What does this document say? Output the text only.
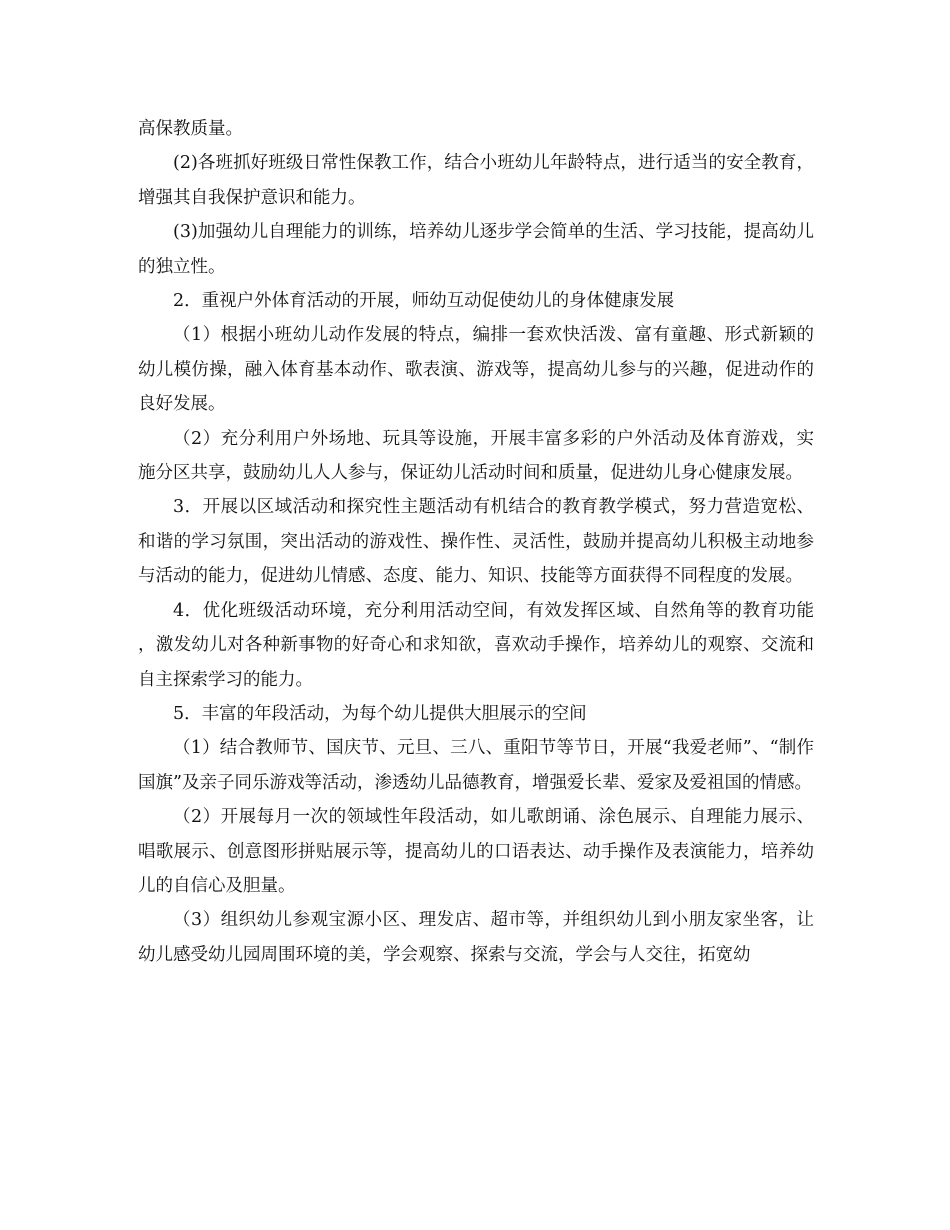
高保教质量。

(2)各班抓好班级日常性保教工作，结合小班幼儿年龄特点，进行适当的安全教育，增强其自我保护意识和能力。

(3)加强幼儿自理能力的训练，培养幼儿逐步学会简单的生活、学习技能，提高幼儿的独立性。

2．重视户外体育活动的开展，师幼互动促使幼儿的身体健康发展

（1）根据小班幼儿动作发展的特点，编排一套欢快活泼、富有童趣、形式新颖的幼儿模仿操，融入体育基本动作、歌表演、游戏等，提高幼儿参与的兴趣，促进动作的良好发展。

（2）充分利用户外场地、玩具等设施，开展丰富多彩的户外活动及体育游戏，实施分区共享，鼓励幼儿人人参与，保证幼儿活动时间和质量，促进幼儿身心健康发展。

3．开展以区域活动和探究性主题活动有机结合的教育教学模式，努力营造宽松、和谐的学习氛围，突出活动的游戏性、操作性、灵活性，鼓励并提高幼儿积极主动地参与活动的能力，促进幼儿情感、态度、能力、知识、技能等方面获得不同程度的发展。

4．优化班级活动环境，充分利用活动空间，有效发挥区域、自然角等的教育功能，激发幼儿对各种新事物的好奇心和求知欲，喜欢动手操作，培养幼儿的观察、交流和自主探索学习的能力。

5．丰富的年段活动，为每个幼儿提供大胆展示的空间

（1）结合教师节、国庆节、元旦、三八、重阳节等节日，开展“我爱老师”、“制作国旗”及亲子同乐游戏等活动，渗透幼儿品德教育，增强爱长辈、爱家及爱祖国的情感。

（2）开展每月一次的领域性年段活动，如儿歌朗诵、涂色展示、自理能力展示、唱歌展示、创意图形拼贴展示等，提高幼儿的口语表达、动手操作及表演能力，培养幼儿的自信心及胆量。

（3）组织幼儿参观宝源小区、理发店、超市等，并组织幼儿到小朋友家坐客，让幼儿感受幼儿园周围环境的美，学会观察、探索与交流，学会与人交往，拓宽幼
